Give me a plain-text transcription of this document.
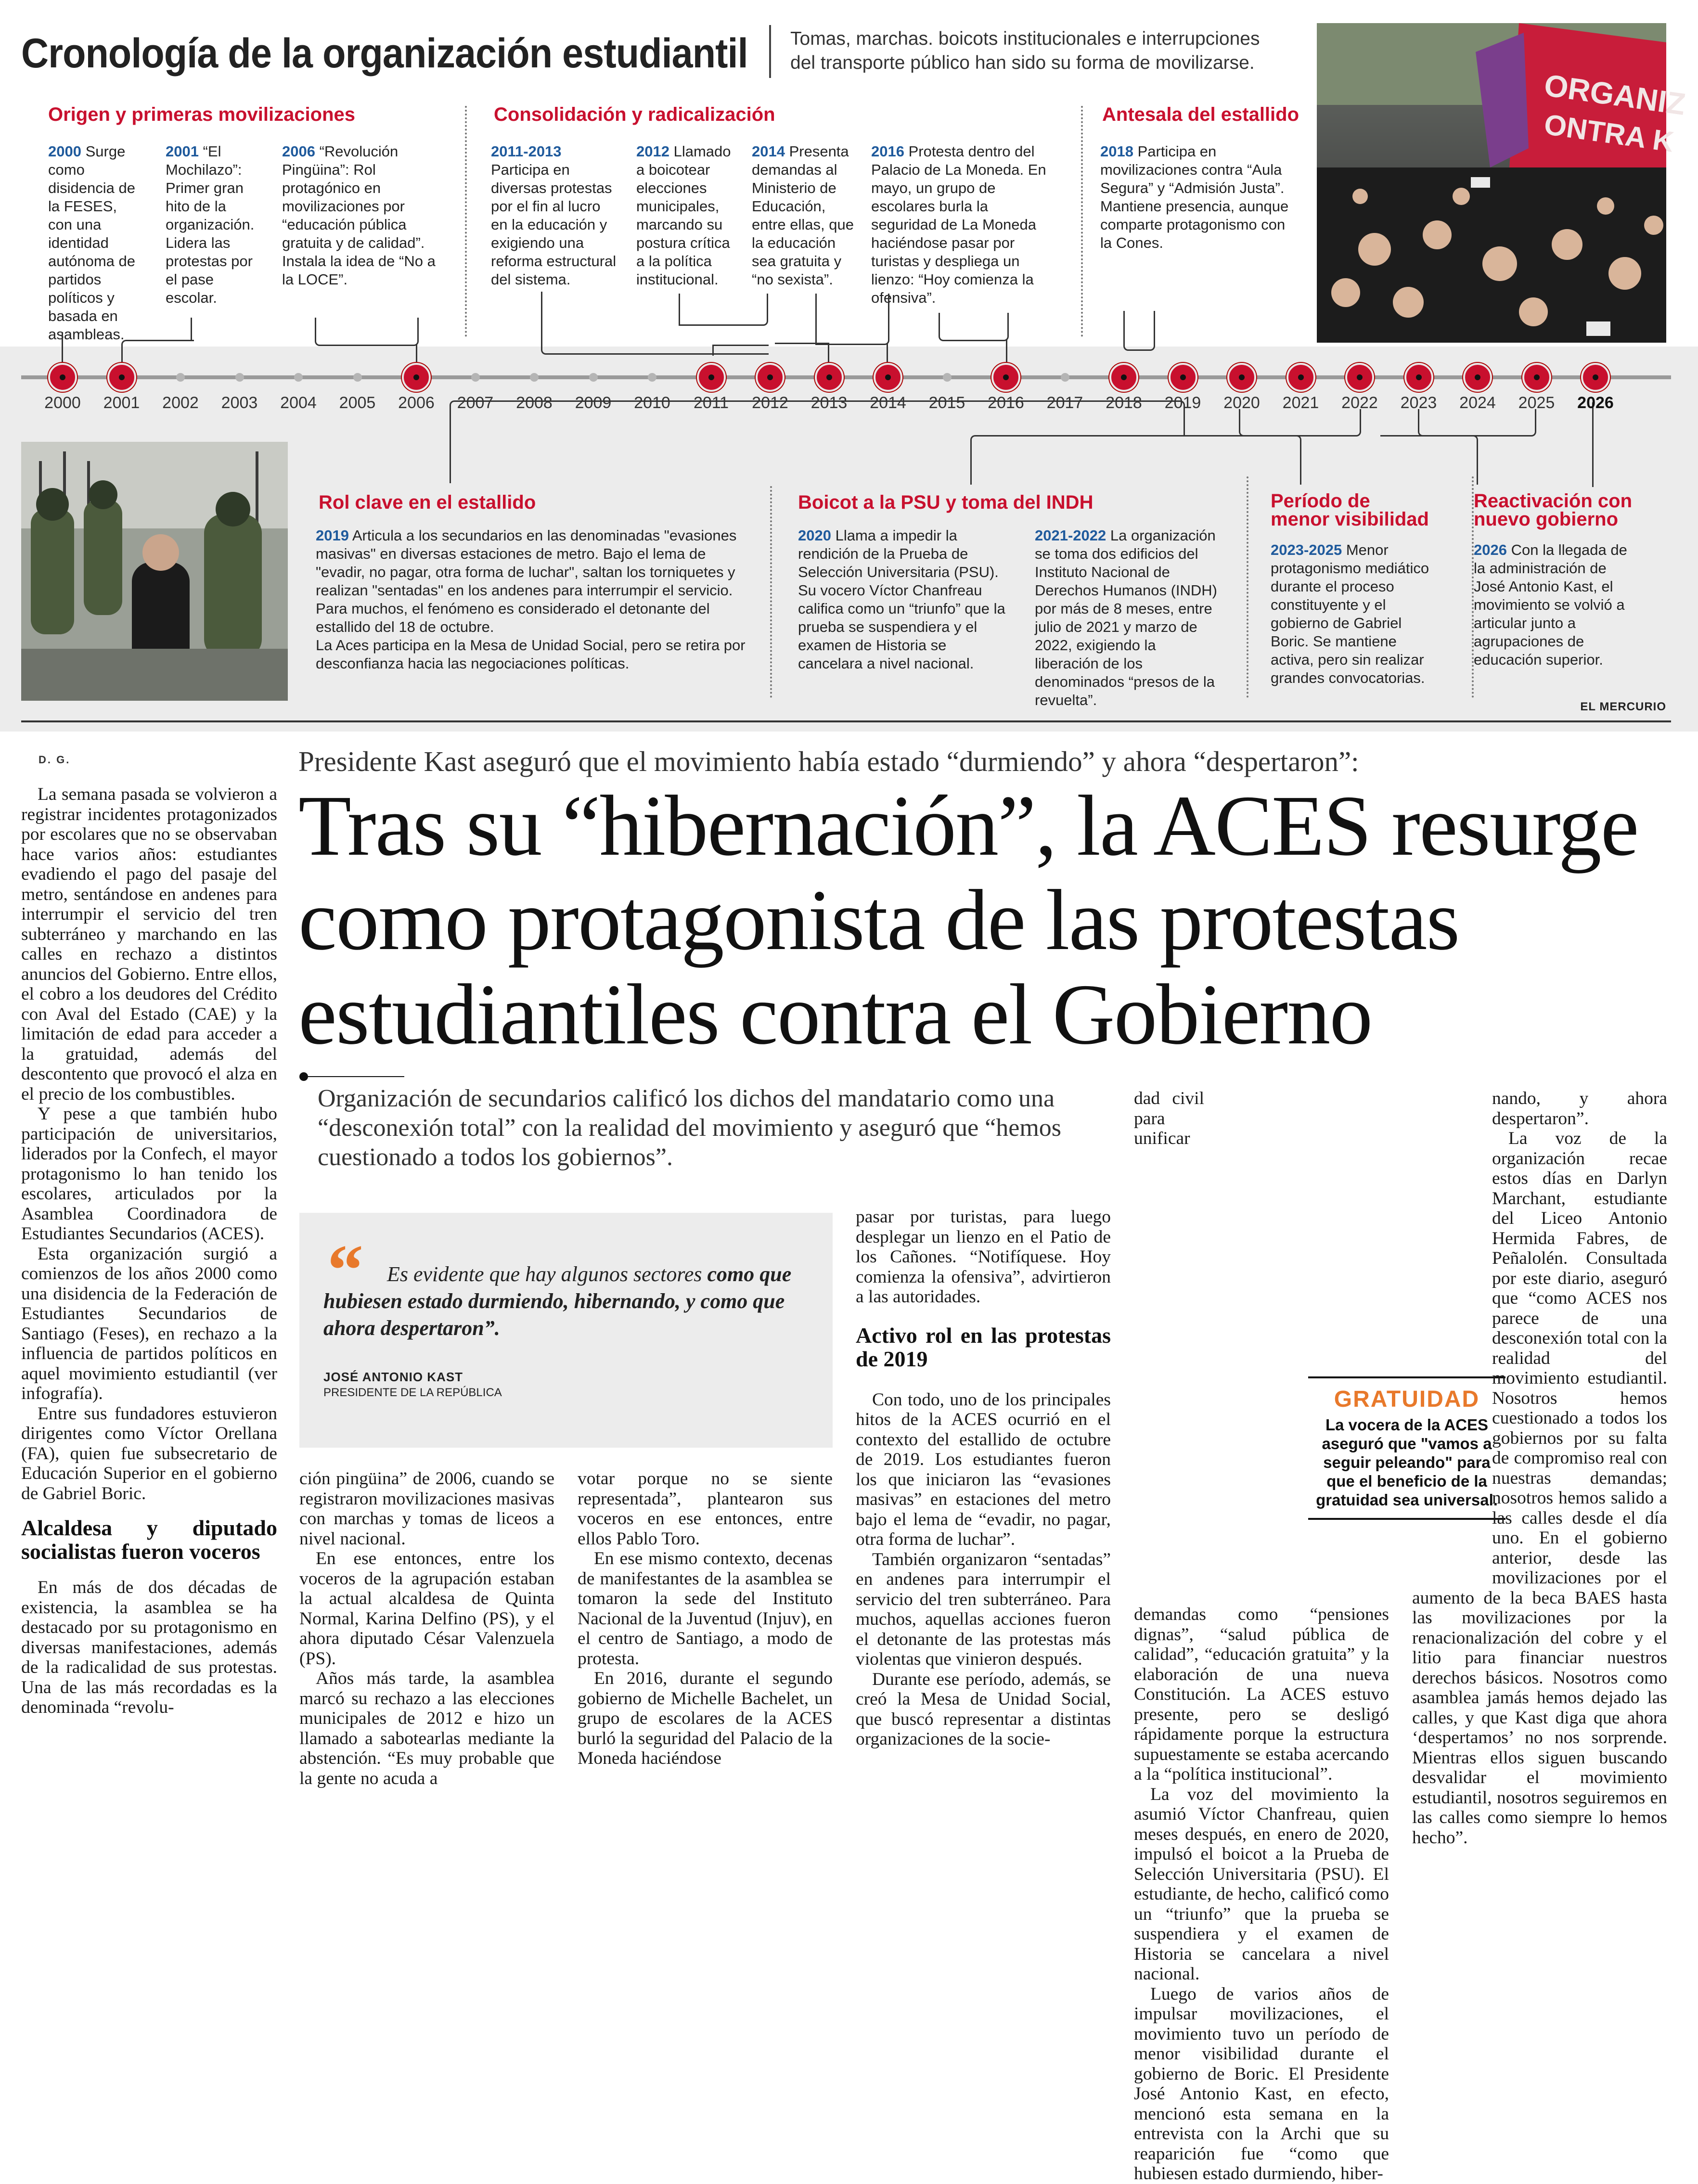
Cronología de la organización estudiantil Tomas, marchas. boicots institucionales e interrupciones del transporte público han sido su forma de movilizarse.
ORGANIZ
ONTRA K
Origen y primeras movilizaciones	Consolidación y radicalización	Antesala del estallido
2000 Surge como disidencia de la FESES, con una identidad autónoma de partidos políticos y basada en asambleas.
2001 “El Mochilazo”: Primer gran hito de la organización. Lidera las protestas por el pase escolar.
2006 “Revolución Pingüina”: Rol protagónico en movilizaciones por “educación pública gratuita y de calidad”. Instala la idea de “No a la LOCE”.
2011-2013 Participa en diversas protestas por el fin al lucro en la educación y exigiendo una reforma estructural del sistema.
2012 Llamado a boicotear elecciones municipales, marcando su postura crítica a la política institucional.
2014 Presenta demandas al Ministerio de Educación, entre ellas, que la educación sea gratuita y “no sexista”.
2016 Protesta dentro del Palacio de La Moneda. En mayo, un grupo de escolares burla la seguridad de La Moneda haciéndose pasar por turistas y despliega un lienzo: “Hoy comienza la ofensiva”.
2018 Participa en movilizaciones contra “Aula Segura” y “Admisión Justa”. Mantiene presencia, aunque comparte protagonismo con la Cones.
Rol clave en el estallido	Boicot a la PSU y toma del INDH	Período de menor visibilidad
Reactivación con nuevo gobierno
2019 Articula a los secundarios en las denominadas "evasiones masivas" en diversas estaciones de metro. Bajo el lema de "evadir, no pagar, otra forma de luchar", saltan los torniquetes y realizan "sentadas" en los andenes para interrumpir el servicio. Para muchos, el fenómeno es considerado el detonante del estallido del 18 de octubre.
La Aces participa en la Mesa de Unidad Social, pero se retira por desconfianza hacia las negociaciones políticas.
2020 Llama a impedir la rendición de la Prueba de Selección Universitaria (PSU). Su vocero Víctor Chanfreau califica como un “triunfo” que la prueba se suspendiera y el examen de Historia se cancelara a nivel nacional.
2021-2022 La organización se toma dos edificios del Instituto Nacional de Derechos Humanos (INDH) por más de 8 meses, entre julio de 2021 y marzo de 2022, exigiendo la liberación de los denominados “presos de la revuelta”.
2023-2025 Menor protagonismo mediático durante el proceso constituyente y el gobierno de Gabriel Boric. Se mantiene activa, pero sin realizar grandes convocatorias.
2026 Con la llegada de la administración de José Antonio Kast, el movimiento se volvió a articular junto a agrupaciones de educación superior.
EL MERCURIO
2000	2001	2002	2003	2004	2005	2006	2007	2008	2009	2010	2011	2012	2013	2014	2015	2016	2017	2018	2019	2020	2021	2022	2023	2024	2025	2026
D. G.

La semana pasada se volvieron a registrar incidentes protagonizados por escolares que no se observaban hace varios años: estudiantes evadiendo el pago del pasaje del metro, sentándose en andenes para interrumpir el servicio del tren subterráneo y marchando en las calles en rechazo a distintos anuncios del Gobierno. Entre ellos, el cobro a los deudores del Crédito con Aval del Estado (CAE) y la limitación de edad para acceder a la gratuidad, además del descontento que provocó el alza en el precio de los combustibles.

Y pese a que también hubo participación de universitarios, liderados por la Confech, el mayor protagonismo lo han tenido los escolares, articulados por la Asamblea Coordinadora de Estudiantes Secundarios (ACES).

Esta organización surgió a comienzos de los años 2000 como una disidencia de la Federación de Estudiantes Secundarios de Santiago (Feses), en rechazo a la influencia de partidos políticos en aquel movimiento estudiantil (ver infografía).

Entre sus fundadores estuvieron dirigentes como Víctor Orellana (FA), quien fue subsecretario de Educación Superior en el gobierno de Gabriel Boric.

Alcaldesa y diputado socialistas fueron voceros

En más de dos décadas de existencia, la asamblea se ha destacado por su protagonismo en diversas manifestaciones, además de la radicalidad de sus protestas. Una de las más recordadas es la denominada “revolu-

Presidente Kast aseguró que el movimiento había estado “durmiendo” y ahora “despertaron”:
Tras su “hibernación”, la ACES resurge como protagonista de las protestas estudiantiles contra el Gobierno
Organización de secundarios calificó los dichos del mandatario como una “desconexión total” con la realidad del movimiento y aseguró que “hemos cuestionado a todos los gobiernos”.
“	Es evidente que hay algunos sectores como que hubiesen estado durmiendo, hibernando, y como que ahora despertaron”.
JOSÉ ANTONIO KAST
PRESIDENTE DE LA REPÚBLICA

ción pingüina” de 2006, cuando se registraron movilizaciones masivas con marchas y tomas de liceos a nivel nacional.

En ese entonces, entre los voceros de la agrupación estaban la actual alcaldesa de Quinta Normal, Karina Delfino (PS), y el ahora diputado César Valenzuela (PS).

Años más tarde, la asamblea marcó su rechazo a las elecciones municipales de 2012 e hizo un llamado a sabotearlas mediante la abstención. “Es muy probable que la gente no acuda a

votar porque no se siente representada”, plantearon sus voceros en ese entonces, entre ellos Pablo Toro.

En ese mismo contexto, decenas de manifestantes de la asamblea se tomaron la sede del Instituto Nacional de la Juventud (Injuv), en el centro de Santiago, a modo de protesta.

En 2016, durante el segundo gobierno de Michelle Bachelet, un grupo de escolares de la ACES burló la seguridad del Palacio de la Moneda haciéndose

pasar por turistas, para luego desplegar un lienzo en el Patio de los Cañones. “Notifíquese. Hoy comienza la ofensiva”, advirtieron a las autoridades.

Activo rol en las protestas de 2019

Con todo, uno de los principales hitos de la ACES ocurrió en el contexto del estallido de octubre de 2019. Los estudiantes fueron los que iniciaron las “evasiones masivas” en estaciones del metro bajo el lema de “evadir, no pagar, otra forma de luchar”.

También organizaron “sentadas” en andenes para interrumpir el servicio del tren subterráneo. Para muchos, aquellas acciones fueron el detonante de las protestas más violentas que vinieron después.

Durante ese período, además, se creó la Mesa de Unidad Social, que buscó representar a distintas organizaciones de la socie-

dad civil para unificar demandas como “pensiones dignas”, “salud pública de calidad”, “educación gratuita” y la elaboración de una nueva Constitución. La ACES estuvo presente, pero se desligó rápidamente porque la estructura supuestamente se estaba acercando a la “política institucional”.

La voz del movimiento la asumió Víctor Chanfreau, quien meses después, en enero de 2020, impulsó el boicot a la Prueba de Selección Universitaria (PSU). El estudiante, de hecho, calificó como un “triunfo” que la prueba se suspendiera y el examen de Historia se cancelara a nivel nacional.

Luego de varios años de impulsar movilizaciones, el movimiento tuvo un período de menor visibilidad durante el gobierno de Boric. El Presidente José Antonio Kast, en efecto, mencionó esta semana en la entrevista con la Archi que su reaparición fue “como que hubiesen estado durmiendo, hiber-

GRATUIDAD
La vocera de la ACES aseguró que "vamos a seguir peleando" para que el beneficio de la gratuidad sea universal.

nando, y ahora despertaron”.

La voz de la organización recae estos días en Darlyn Marchant, estudiante del Liceo Antonio Hermida Fabres, de Peñalolén. Consultada por este diario, aseguró que “como ACES nos parece de una desconexión total con la realidad del movimiento estudiantil. Nosotros hemos cuestionado a todos los gobiernos por su falta de compromiso real con nuestras demandas; nosotros hemos salido a las calles desde el día uno. En el gobierno anterior, desde las movilizaciones por el aumento de la beca BAES hasta las movilizaciones por la renacionalización del cobre y el litio para financiar nuestros derechos básicos. Nosotros como asamblea jamás hemos dejado las calles, y que Kast diga que ahora ‘despertamos’ no nos sorprende. Mientras ellos siguen buscando desvalidar el movimiento estudiantil, nosotros seguiremos en las calles como siempre lo hemos hecho”.
